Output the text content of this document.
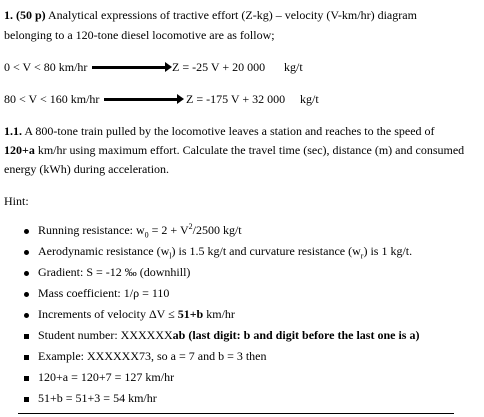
1. (50 p) Analytical expressions of tractive effort (Z-kg) – velocity (V-km/hr) diagram
belonging to a 120-tone diesel locomotive are as follow;
0 < V < 80 km/hr	Z = -25 V + 20 000 kg/t
80 < V < 160 km/hr	Z = -175 V + 32 000 kg/t
1.1. A 800-tone train pulled by the locomotive leaves a station and reaches to the speed of
120+a km/hr using maximum effort. Calculate the travel time (sec), distance (m) and consumed
energy (kWh) during acceleration.
Hint:
Running resistance: $w_0 = 2 + V^2/2500$ kg/t
Aerodynamic resistance $(w_l)$ is 1.5 kg/t and curvature resistance $(w_r)$ is 1 kg/t.
Gradient: S = -12 ‰ (downhill)
Mass coefficient: 1/ρ = 110
Increments of velocity ΔV ≤ 51+b km/hr
Student number: XXXXXXab (last digit: b and digit before the last one is a)
Example: XXXXXX73, so a = 7 and b = 3 then
120+a = 120+7 = 127 km/hr
51+b = 51+3 = 54 km/hr
